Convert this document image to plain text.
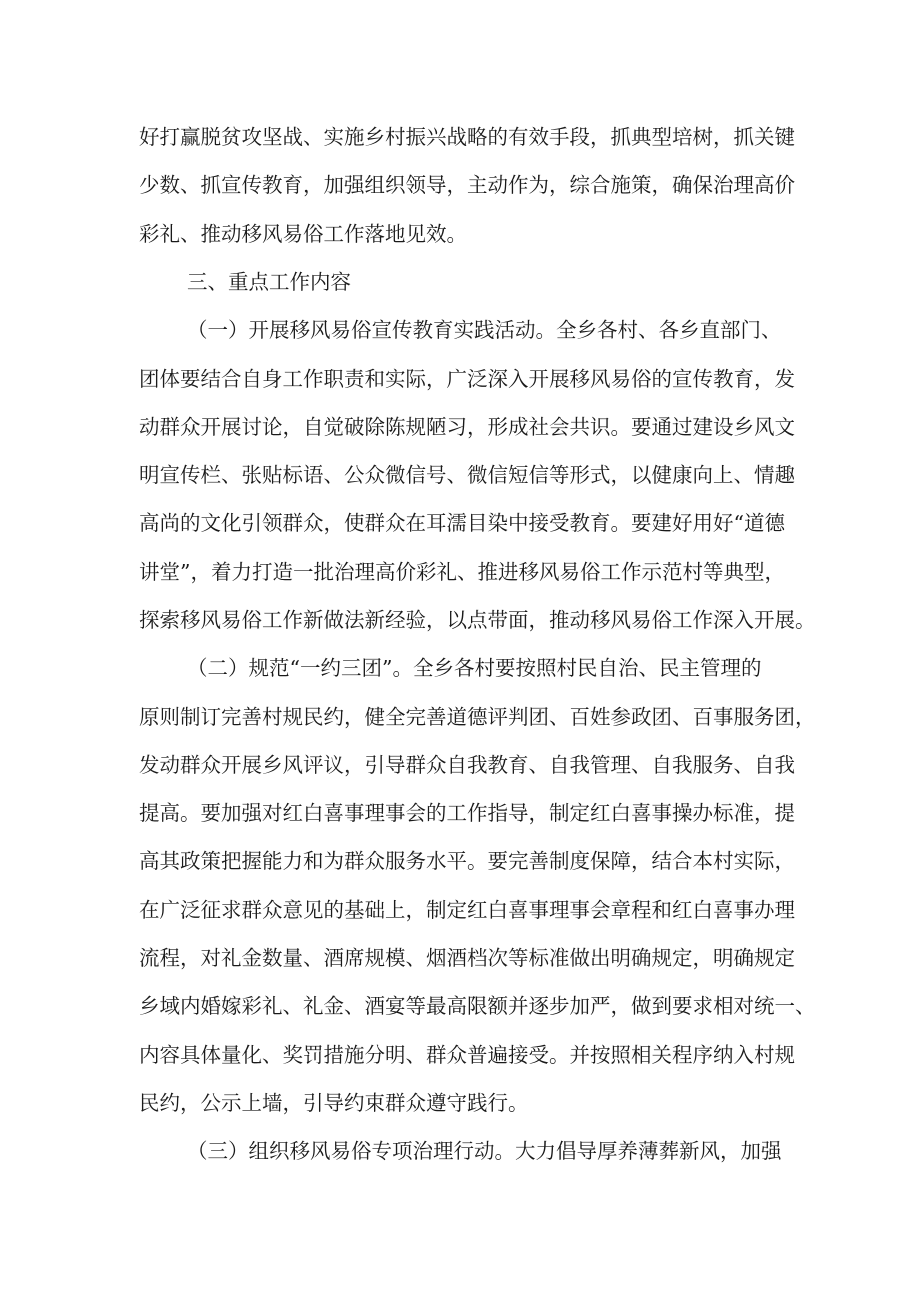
好打赢脱贫攻坚战、实施乡村振兴战略的有效手段，抓典型培树，抓关键
少数、抓宣传教育，加强组织领导，主动作为，综合施策，确保治理高价
彩礼、推动移风易俗工作落地见效。
三、重点工作内容
（一）开展移风易俗宣传教育实践活动。全乡各村、各乡直部门、
团体要结合自身工作职责和实际，广泛深入开展移风易俗的宣传教育，发
动群众开展讨论，自觉破除陈规陋习，形成社会共识。要通过建设乡风文
明宣传栏、张贴标语、公众微信号、微信短信等形式，以健康向上、情趣
高尚的文化引领群众，使群众在耳濡目染中接受教育。要建好用好“道德
讲堂”，着力打造一批治理高价彩礼、推进移风易俗工作示范村等典型，
探索移风易俗工作新做法新经验，以点带面，推动移风易俗工作深入开展。
（二）规范“一约三团”。全乡各村要按照村民自治、民主管理的
原则制订完善村规民约，健全完善道德评判团、百姓参政团、百事服务团，
发动群众开展乡风评议，引导群众自我教育、自我管理、自我服务、自我
提高。要加强对红白喜事理事会的工作指导，制定红白喜事操办标准，提
高其政策把握能力和为群众服务水平。要完善制度保障，结合本村实际，
在广泛征求群众意见的基础上，制定红白喜事理事会章程和红白喜事办理
流程，对礼金数量、酒席规模、烟酒档次等标准做出明确规定，明确规定
乡域内婚嫁彩礼、礼金、酒宴等最高限额并逐步加严，做到要求相对统一、
内容具体量化、奖罚措施分明、群众普遍接受。并按照相关程序纳入村规
民约，公示上墙，引导约束群众遵守践行。
（三）组织移风易俗专项治理行动。大力倡导厚养薄葬新风，加强
